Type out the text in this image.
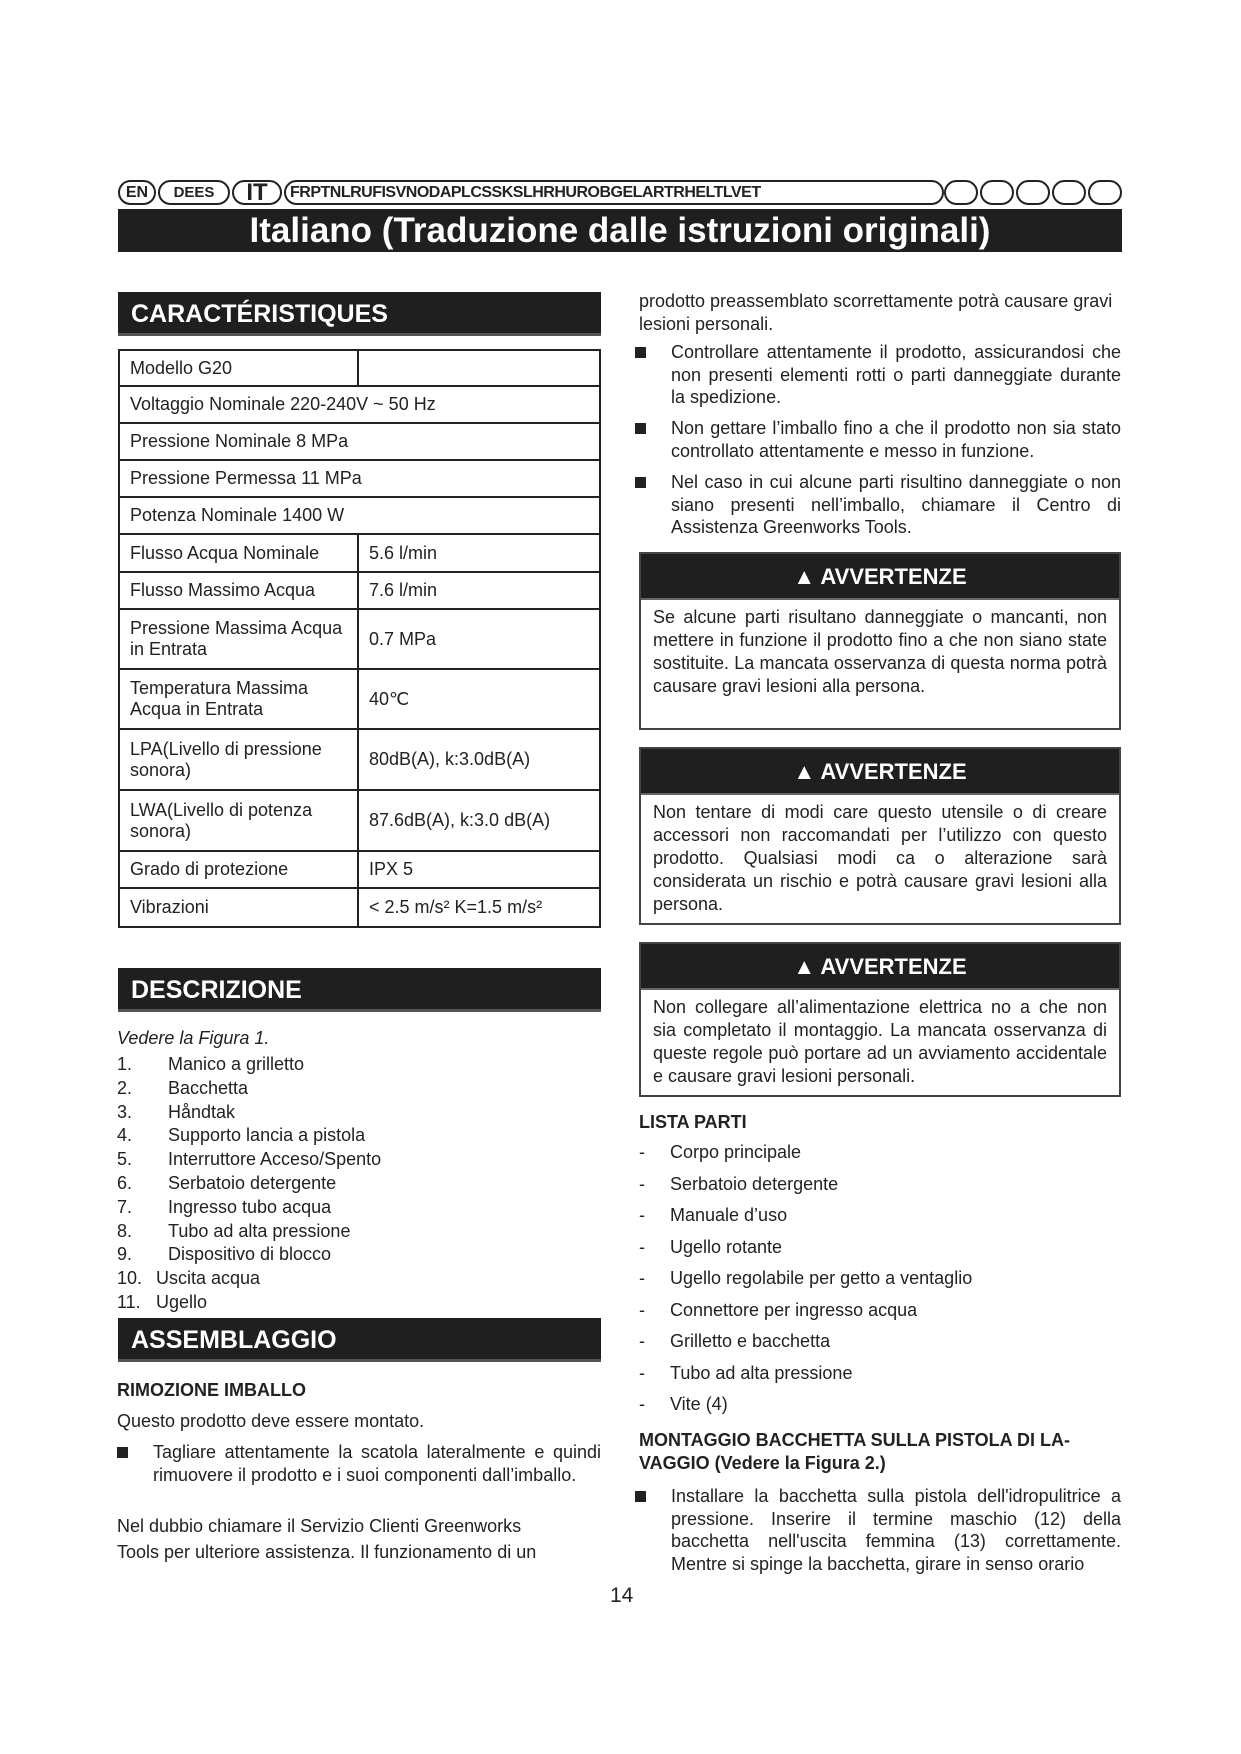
EN	DEES	IT	FRPTNLRUFISVNODAPLCSSKSLHRHUROBGELARTRHELTLVET
Italiano (Traduzione dalle istruzioni originali)
CARACTÉRISTIQUES
Modello G20	
Voltaggio Nominale 220-240V ~ 50 Hz	
Pressione Nominale 8 MPa	
Pressione Permessa 11 MPa	
Potenza Nominale 1400 W	
Flusso Acqua Nominale	5.6 l/min
Flusso Massimo Acqua	7.6 l/min
Pressione Massima Acqua in Entrata	0.7 MPa
Temperatura Massima Acqua in Entrata	40℃
LPA(Livello di pressione sonora)	80dB(A), k:3.0dB(A)
LWA(Livello di potenza sonora)	87.6dB(A), k:3.0 dB(A)
Grado di protezione	IPX 5
Vibrazioni	< 2.5 m/s² K=1.5 m/s²
DESCRIZIONE
Vedere la Figura 1.
1. Manico a grilletto
2. Bacchetta
3. Håndtak
4. Supporto lancia a pistola
5. Interruttore Acceso/Spento
6. Serbatoio detergente
7. Ingresso tubo acqua
8. Tubo ad alta pressione
9. Dispositivo di blocco
10. Uscita acqua
11. Ugello
ASSEMBLAGGIO
RIMOZIONE IMBALLO
Questo prodotto deve essere montato.
Tagliare attentamente la scatola lateralmente e quindi rimuovere il prodotto e i suoi componenti dall’imballo.
Nel dubbio chiamare il Servizio Clienti Greenworks
Tools per ulteriore assistenza. Il funzionamento di un
prodotto preassemblato scorrettamente potrà causare gravi lesioni personali.
Controllare attentamente il prodotto, assicurandosi che non presenti elementi rotti o parti danneggiate durante la spedizione.
Non gettare l’imballo fino a che il prodotto non sia stato controllato attentamente e messo in funzione.
Nel caso in cui alcune parti risultino danneggiate o non siano presenti nell’imballo, chiamare il Centro di Assistenza Greenworks Tools.
▲ AVVERTENZE
Se alcune parti risultano danneggiate o mancanti, non mettere in funzione il prodotto fino a che non siano state sostituite. La mancata osservanza di questa norma potrà causare gravi lesioni alla persona.
▲ AVVERTENZE
Non tentare di modi care questo utensile o di creare accessori non raccomandati per l’utilizzo con questo prodotto. Qualsiasi modi ca o alterazione sarà considerata un rischio e potrà causare gravi lesioni alla persona.
▲ AVVERTENZE
Non collegare all’alimentazione elettrica no a che non sia completato il montaggio. La mancata osservanza di queste regole può portare ad un avviamento accidentale e causare gravi lesioni personali.
LISTA PARTI
- Corpo principale
- Serbatoio detergente
- Manuale d’uso
- Ugello rotante
- Ugello regolabile per getto a ventaglio
- Connettore per ingresso acqua
- Grilletto e bacchetta
- Tubo ad alta pressione
- Vite (4)
MONTAGGIO BACCHETTA SULLA PISTOLA DI LA-
VAGGIO (Vedere la Figura 2.)
Installare la bacchetta sulla pistola dell'idropulitrice a pressione. Inserire il termine maschio (12) della bacchetta nell'uscita femmina (13) correttamente. Mentre si spinge la bacchetta, girare in senso orario
14
